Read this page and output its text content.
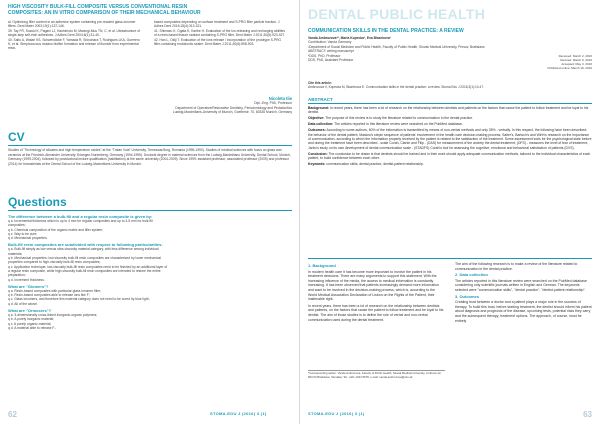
HIGH VISCOSITY BULK-FILL COMPOSITE VERSUS CONVENTIONAL RESIN COMPOSITES: AN IN VITRO COMPARISON OF THEIR MECHANICAL BEHAVIOUR
al. Optimizing filler content in an adhesive system containing pre-reacted glass-ionomer fillers. Dent Mater 2003;19(1):137-146.
39. Tay FR, Suzuki K, Pagani LJ, Hashimoto M, Mwangi-Muu TN, C, et al. Ultrastructure of single-step self-etch adhesives. J Adhes Dent 2004;6(1):31-40.
40. Saito A, Watari KS, Schwendicke F, Yamada R, Shinohara T, Rodrigues LKA, Guerrero K, et al. Streptococcus mutans biofilm formation and release of fluoride from experimental resin-
based composites depending on surface treatment and S-PRG filler particle fraction. J Adhes Dent 2016;18(4):313-321.
41. Shimazu K, Ogata K, Karibe H. Evaluation of the ion-releasing and recharging abilities of a resin-based fissure sealant containing S-PRG filler. Dent Mater J 2011;30(6):923-927.
42. Han L, Okiji T. Evaluation of the ions release / incorporation of the prototype S-PRG filler-containing endodontic sealer. Dent Mater J 2011;30(6):898-903.
Nicoleta Ilie
Dipl.-Eng. PhD, Professor
Department of Operative/Restorative Dentistry, Periodontology and Pedodontics
Ludwig-Maximilians-University of Munich, Goethestr. 70, 80336 Munich, Germany
CV
Studies of "Technology of silicates and high temperature oxides" at the "Traian Vuia" University, Temeswar/Ilurg, Romania (1995-1990). Studies of medical sciences with focus on glass and ceramics at the Friedrich-Alexander University, Erlangen-Nuremberg, Germany (1994-1995). Doctoral degree in material sciences from the Ludwig-Maximilians University, Dental School, Munich, Germany (1999-2004), followed by postdoctoral lecture qualification (habilitation) at the same university (2004-2009). Since 1999: assistant professor, associated professor (2009) and professor (2014) for biomaterials at the Dental School of the Ludwig-Maximilians-University in Munich.
Questions
The difference between a bulk-fill and a regular resin composite is given by:
q a. Incremental thickness which is up to 4 mm for regular composites and up to 4-5 mm for bulk-fill composites;
q b. Chemical composition of the organic matrix and filler system;
q c. Way to be cure;
q d. Mechanical properties.
Bulk-fill resin composites are subdivided with respect to following particularities:
q a. Bulk-fill simply as low versus ultra-viscosity material category, with less difference among individual materials;
q b. Mechanical properties: low-viscosity bulk-fill resin composites are characterized by lower mechanical properties compared to high-viscosity bulk-fill resin composites;
q c. Application technique: low-viscosity bulk-fill resin composites need to be finished by an additional layer of a regular resin composite, while high-viscosity bulk-fill resin composites are intended to restore the entire preparation;
q d. Increment thickness.
What are "Giomers"?
q a. Resin-based composites with particular glass ionomer filler;
q b. Resin-based composites able to release ions like F;
q c. Glass ionomers, and therefore this material category does not need to be cured by blue light;
q d. All of the above.
What are "Ormocers"?
q a. 3-dimensionally cross-linked inorganic-organic polymers;
q b. A purely inorganic material;
q c. A purely organic material;
q d. A material able to release F-.
62	STOMA.EDU J (2016) 3 (1)
DENTAL PUBLIC HEALTH
COMMUNICATION SKILLS IN THE DENTAL PRACTICE: A REVIEW
Vanda Ambrozova¹*, Maria Kopecka¹, Eva Blazekova¹
Contribution: Vanda Germany
¹Department of Social Medicine and Public Health, Faculty of Public Health, Slovak Medical University, Presov, Bratislava
ABSTRACT: writing manuscript
*DDS, PhD, Professor
DDS, PhD, Assistant Professor
Received: March 2, 2016
Revised: March 9, 2016
Accepted: May 3, 2016
Published online: March 19, 2016
Cite this article:
Ambrozova V, Kopecka M, Blazekova E. Communication skills in the dental practice: a review. Stoma Edu J 2016;3(1):10-47.
ABSTRACT

Background: In recent years, there has been a lot of research on the relationship between dentists and patients on the factors that cause the patient to follow treatment and be loyal to his dentist.

Objective: The purpose of this review is to study the literature related to communication in the dental practice.

Data collection: The articles reported in this literature review were searched on the PubMed database.

Outcomes: According to some authors, 60% of the information is transmitted by means of non-verbal methods and only 35% - verbally. In this respect, the following have been described: the behavior of the dental patient; Maslow's stepin sequence of patients' involvement in the health care decision-making process; Salter's, Bartsch's and Wirth's research on the importance of communication, according to which the information properly received by the patient is related to the satisfaction of the treatment. Some assessment tools for the psychological state before and during the treatment have been described - scale Corah, Clarke and Filip - (DAS) for measurement of the anxiety the dental treatment; (DFS) - measures the level of fear of treatment; Jarbo's study on its own development of dental communication scale - (STADFS) Corah's tool for assessing the cognitive, emotional and behavioral satisfaction of patients (DVS).

Conclusion: The conclusion to be drawn is that dentists should be trained and in their work should apply adequate communication methods, tailored to the individual characteristics of each patient, to build confidence between each other.

Keywords: communication skills, dental practice, dentist-patient relationship.

1. Background

In modern health care it has become more important to involve the patient in his treatment decisions. There are many arguments to support this statement. With the increasing influence of the media, the access to medical information is constantly increasing. It has been observed that patients increasingly demand more information and want to be involved in the decision-making process, which is, according to the World Medical Association Declaration of Lisbon on the Rights of the Patient, their inalienable right.

In recent years, there has been a lot of research on the relationship between dentists and patients, on the factors that cause the patient to follow treatment and be loyal to his dentist. The aim of those studies is to define the role of verbal and non-verbal communication used during the dental treatment.

The aim of the following research is to make a review of the literature related to communication in the dental practice.

2. Data collection

The articles reported in this literature review were searched on the PubMed database considering only scientific journals written in English and German. The keywords selected were "communication skills", "dental practice", "dentist-patient relationship".

3. Outcomes

Creating trust between a doctor and a patient plays a major role in the success of therapy. To build this trust, before starting treatment, the dentist should inform his patient about diagnosis and prognosis of the disease, upcoming tests, potential risks they carry and the subsequent therapy; treatment options. The approach, of course, must be entirely

*Corresponding author: Vanda Ambrozova, Faculty of Public Health, Slovak Medical University, Limbova 12, 833 03 Bratislava, Slovakia; Tel: +421 1234 5678; e-mail: vanda.ambrozova@szu.sk
STOMA.EDU J (2016) 3 (1)	63
